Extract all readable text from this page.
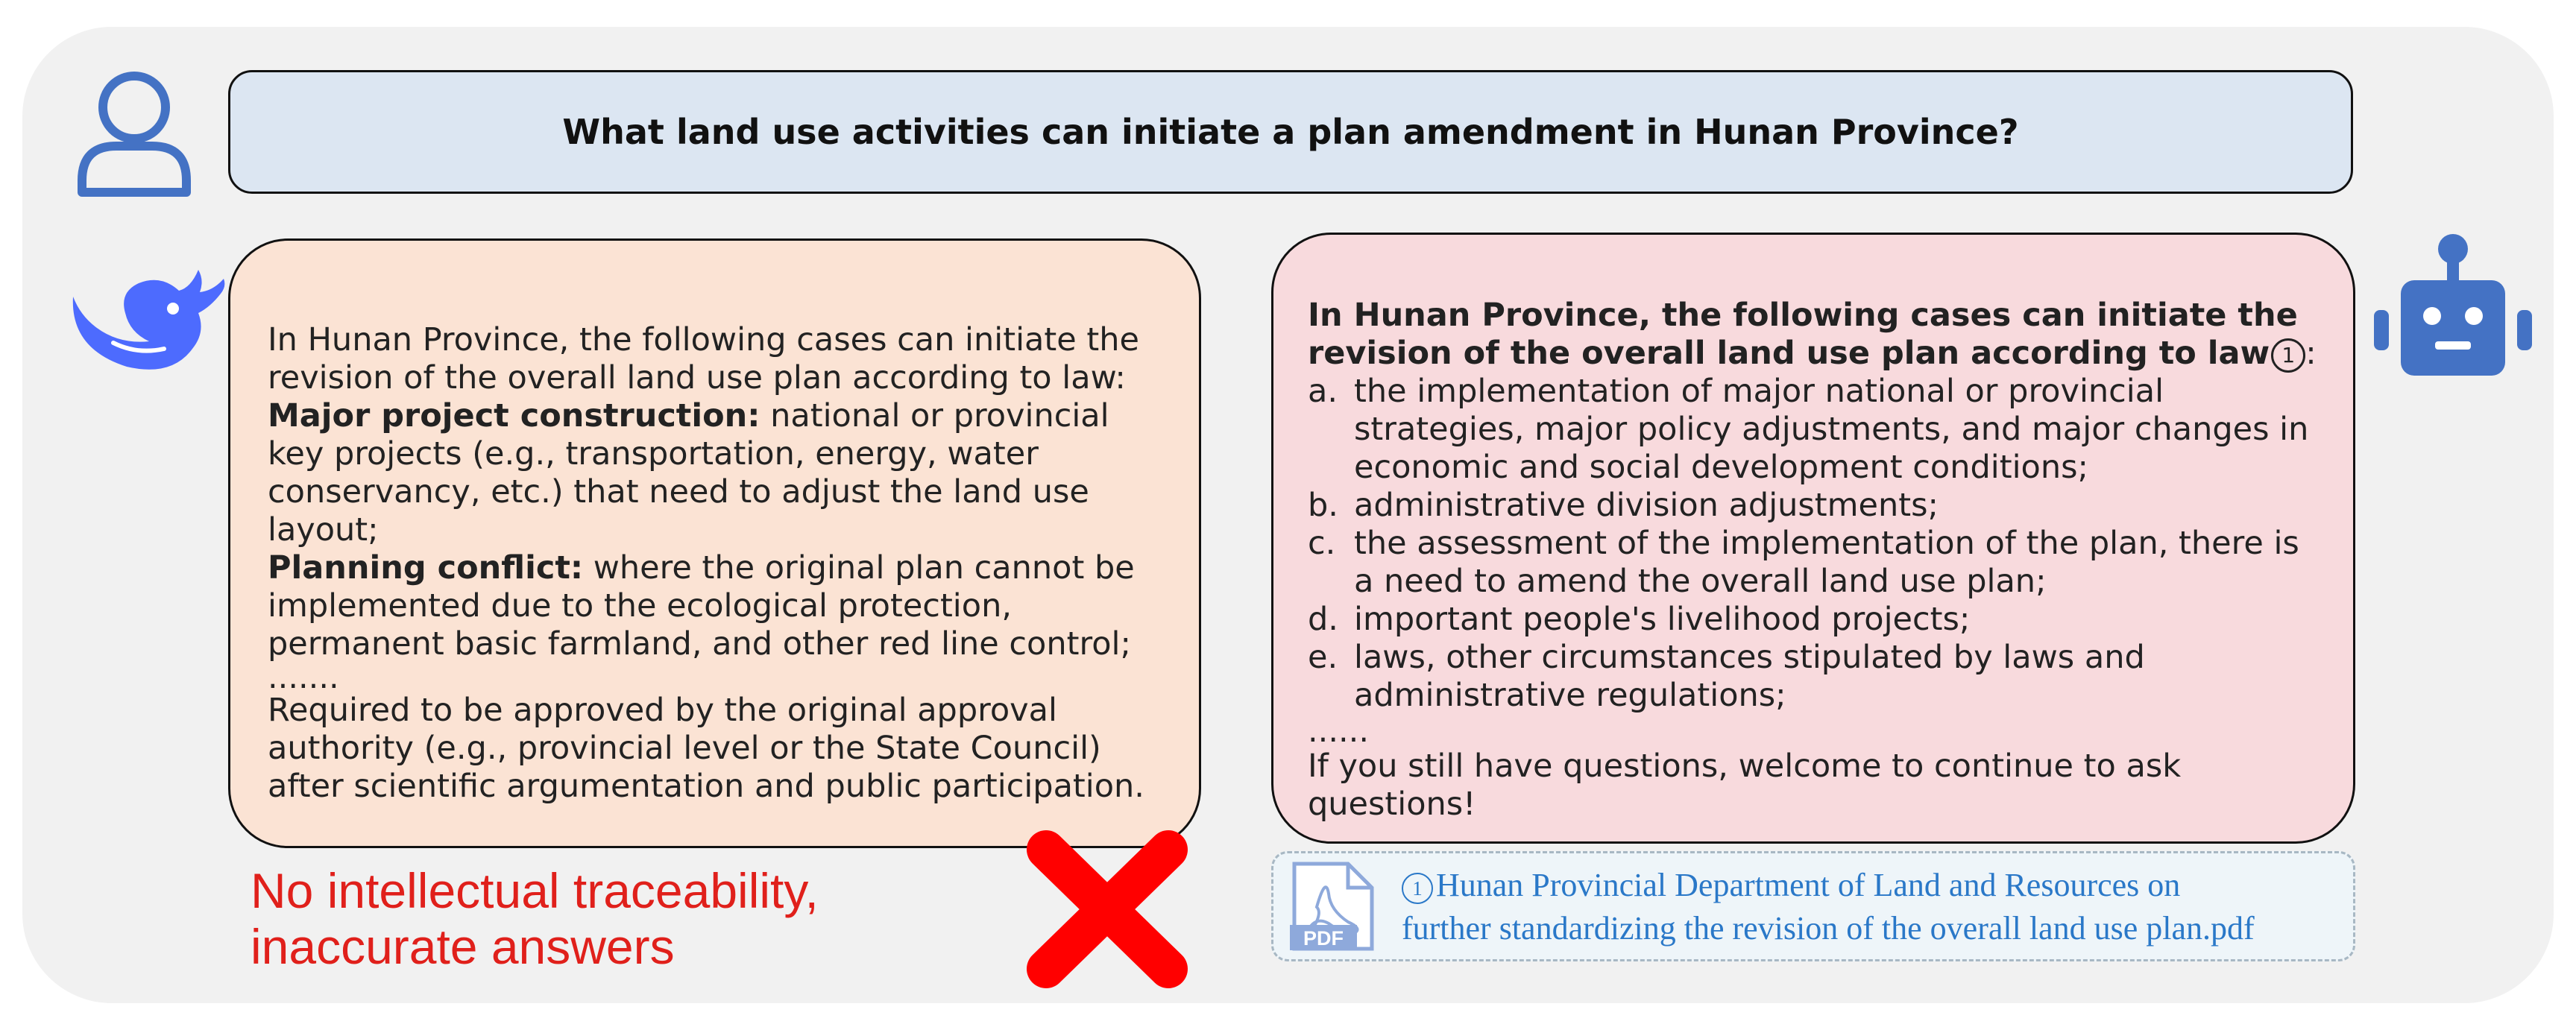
What land use activities can initiate a plan amendment in Hunan Province?

In Hunan Province, the following cases can initiate the revision of the overall land use plan according to law:

Major project construction: national or provincial key projects (e.g., transportation, energy, water conservancy, etc.) that need to adjust the land use layout;

Planning conflict: where the original plan cannot be implemented due to the ecological protection, permanent basic farmland, and other red line control;

.......

Required to be approved by the original approval authority (e.g., provincial level or the State Council) after scientific argumentation and public participation.

In Hunan Province, the following cases can initiate the revision of the overall land use plan according to law 1 :

a. the implementation of major national or provincial strategies, major policy adjustments, and major changes in economic and social development conditions;
b. administrative division adjustments;
c. the assessment of the implementation of the plan, there is a need to amend the overall land use plan;
d. important people's livelihood projects;
e. laws, other circumstances stipulated by laws and administrative regulations;

......

If you still have questions, welcome to continue to ask questions!

No intellectual traceability,
inaccurate answers	PDF
1 Hunan Provincial Department of Land and Resources on
further standardizing the revision of the overall land use plan.pdf
